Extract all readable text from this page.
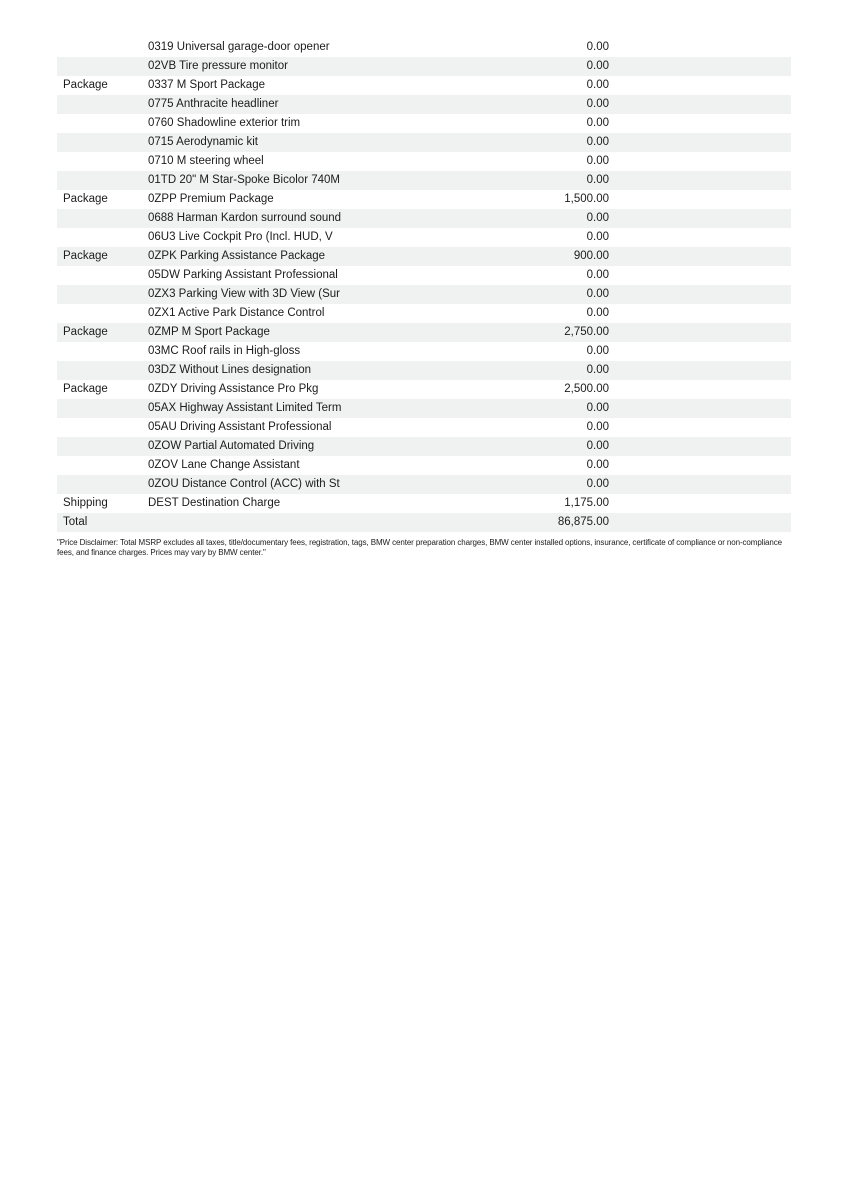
0319 Universal garage-door opener	0.00
02VB Tire pressure monitor	0.00
Package	0337 M Sport Package	0.00
0775 Anthracite headliner	0.00
0760 Shadowline exterior trim	0.00
0715 Aerodynamic kit	0.00
0710 M steering wheel	0.00
01TD 20" M Star-Spoke Bicolor 740M	0.00
Package	0ZPP Premium Package	1,500.00
0688 Harman Kardon surround sound	0.00
06U3 Live Cockpit Pro (Incl. HUD, V	0.00
Package	0ZPK Parking Assistance Package	900.00
05DW Parking Assistant Professional	0.00
0ZX3 Parking View with 3D View (Sur	0.00
0ZX1 Active Park Distance Control	0.00
Package	0ZMP M Sport Package	2,750.00
03MC Roof rails in High-gloss	0.00
03DZ Without Lines designation	0.00
Package	0ZDY Driving Assistance Pro Pkg	2,500.00
05AX Highway Assistant Limited Term	0.00
05AU Driving Assistant Professional	0.00
0ZOW Partial Automated Driving	0.00
0ZOV Lane Change Assistant	0.00
0ZOU Distance Control (ACC) with St	0.00
Shipping	DEST Destination Charge	1,175.00
Total	86,875.00
"Price Disclaimer: Total MSRP excludes all taxes, title/documentary fees, registration, tags, BMW center preparation charges, BMW center installed options, insurance, certificate of compliance or non-compliance fees, and finance charges. Prices may vary by BMW center."
